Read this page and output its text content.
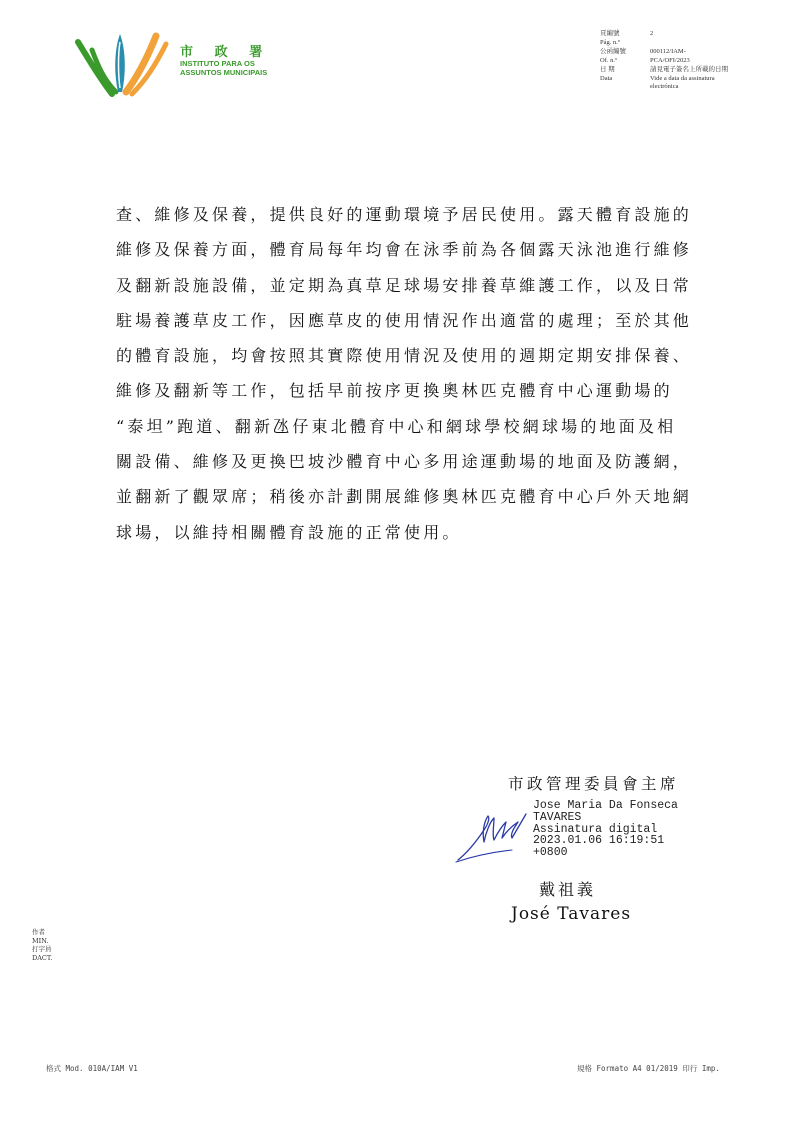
市 政 署
INSTITUTO PARA OS
ASSUNTOS MUNICIPAIS
頁編號	2
Pág. n.º
公函編號	000112/IAM-
Of. n.º	PCA/OFI/2023
日 期	請見電子簽名上所載的日期
Data	Vide a data da assinatura electrónica

查、維修及保養，提供良好的運動環境予居民使用。露天體育設施的

維修及保養方面，體育局每年均會在泳季前為各個露天泳池進行維修

及翻新設施設備，並定期為真草足球場安排養草維護工作，以及日常

駐場養護草皮工作，因應草皮的使用情況作出適當的處理；至於其他

的體育設施，均會按照其實際使用情況及使用的週期定期安排保養、

維修及翻新等工作，包括早前按序更換奧林匹克體育中心運動場的

“泰坦”跑道、翻新氹仔東北體育中心和網球學校網球場的地面及相

關設備、維修及更換巴坡沙體育中心多用途運動場的地面及防護網，

並翻新了觀眾席；稍後亦計劃開展維修奧林匹克體育中心戶外天地網

球場，以維持相關體育設施的正常使用。

市政管理委員會主席
Jose Maria Da Fonseca
TAVARES
Assinatura digital
2023.01.06 16:19:51
+0800
戴祖義
José Tavares
作者
MIN.
打字員
DACT.
格式 Mod. 010A/IAM V1	規格 Formato A4 01/2019 印行 Imp.
